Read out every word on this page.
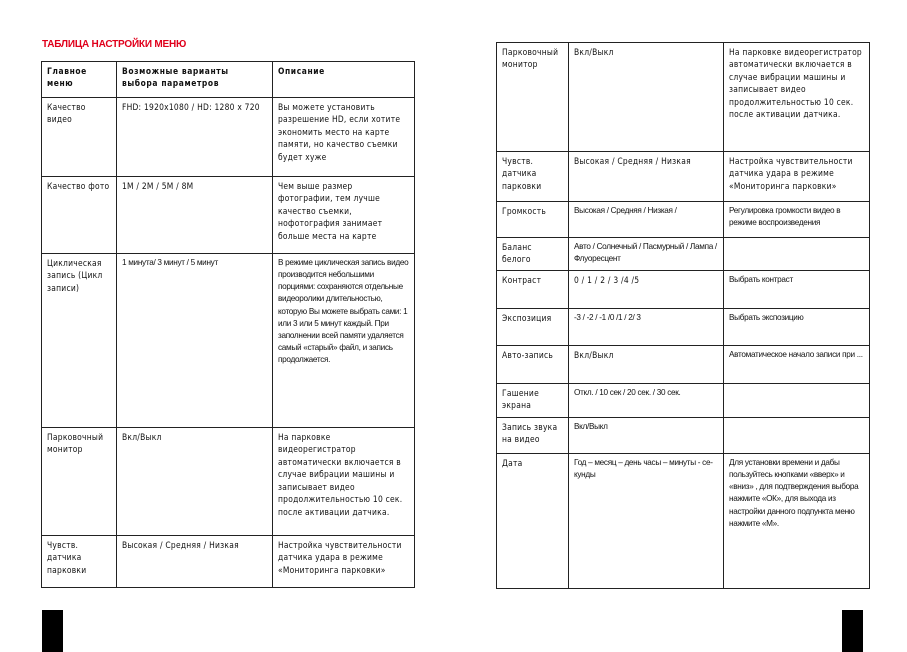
ТАБЛИЦА НАСТРОЙКИ МЕНЮ
Главное меню	Возможные варианты выбора параметров	Описание
Качество видео	FHD: 1920x1080 / HD: 1280 x 720	Вы можете установить разрешение HD, если хотите экономить место на карте памяти, но качество съемки будет хуже
Качество фото	1M / 2M / 5M / 8M	Чем выше размер фотографии, тем лучше качество съемки, нофотография занимает больше места на карте
Циклическая запись (Цикл записи)	1 минута/ 3 минут / 5 минут	В режиме циклическая запись видео производится небольшими порциями: сохраняются отдельные видеоролики длительностью, которую Вы можете выбрать сами: 1 или 3 или 5 минут каждый. При заполнении всей памяти удаляется самый «старый» файл, и запись продолжается.
Парковочный монитор	Вкл/Выкл	На парковке видеорегистратор автоматически включается в случае вибрации машины и записывает видео продолжительностью 10 сек. после активации датчика.
Чувств. датчика парковки	Высокая / Средняя / Низкая	Настройка чувствительности датчика удара в режиме «Мониторинга парковки»
Парковочный монитор	Вкл/Выкл	На парковке видеорегистратор автоматически включается в случае вибрации машины и записывает видео продолжительностью 10 сек. после активации датчика.
Чувств. датчика парковки	Высокая / Средняя / Низкая	Настройка чувствительности датчика удара в режиме «Мониторинга парковки»
Громкость	Высокая / Средняя / Низкая /	Регулировка громкости видео в режиме воспроизведения
Баланс белого	Авто / Солнечный / Пасмурный / Лампа / Флуоресцент	
Контраст	0 / 1 / 2 / 3 /4 /5	Выбрать контраст
Экспозиция	-3 / -2 / -1 /0 /1 / 2/ 3	Выбрать экспозицию
Авто-запись	Вкл/Выкл	Автоматическое начало записи при ...
Гашение экрана	Откл. / 10 сек / 20 сек. / 30 сек.	
Запись звука на видео	Вкл/Выкл	
Дата	Год – месяц – день часы – минуты - се-кунды	Для установки времени и дабы пользуйтесь кнопками «вверх» и «вниз» , для подтверждения выбора нажмите «ОК», для выхода из настройки данного подпункта меню нажмите «М».
